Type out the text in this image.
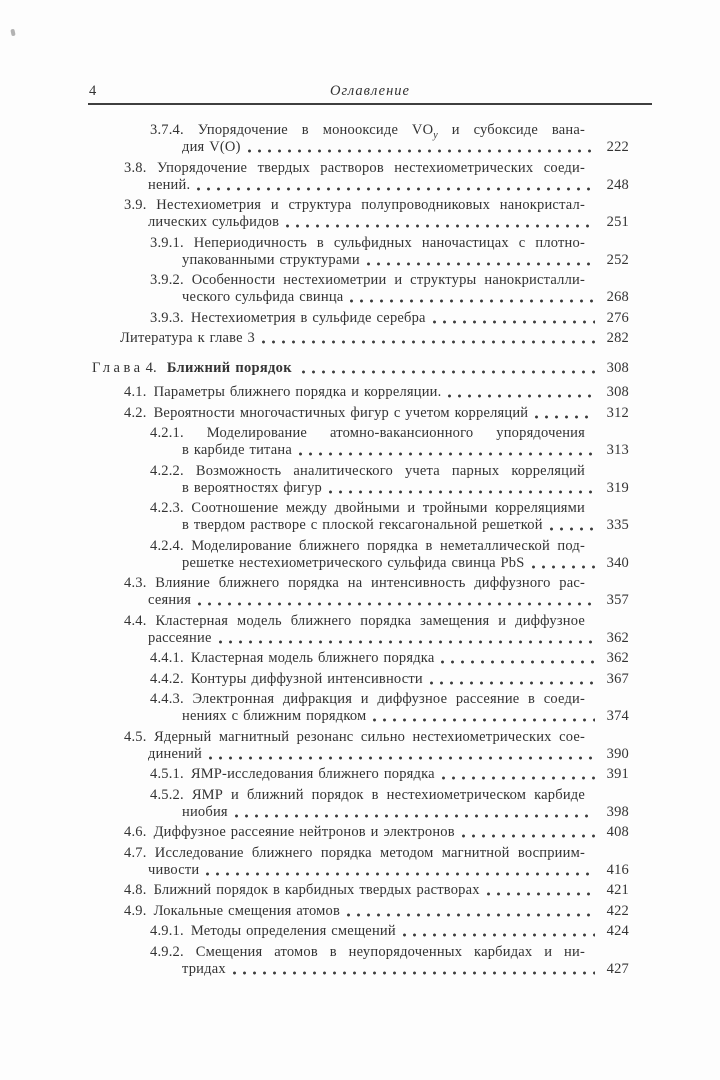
4	Оглавление
3.7.4. Упорядочение в монооксиде $VO_y$ и субоксиде вана-
дия V(O)	222
3.8. Упорядочение твердых растворов нестехиометрических соеди-
нений.	248
3.9. Нестехиометрия и структура полупроводниковых нанокристал-
лических сульфидов	251
3.9.1. Непериодичность в сульфидных наночастицах с плотно-
упакованными структурами	252
3.9.2. Особенности нестехиометрии и структуры нанокристалли-
ческого сульфида свинца	268
3.9.3. Нестехиометрия в сульфиде серебра	276
Литература к главе 3	282
Глава 4. Ближний порядок	308
4.1. Параметры ближнего порядка и корреляции.	308
4.2. Вероятности многочастичных фигур с учетом корреляций	312
4.2.1. Моделирование атомно-вакансионного упорядочения
в карбиде титана	313
4.2.2. Возможность аналитического учета парных корреляций
в вероятностях фигур	319
4.2.3. Соотношение между двойными и тройными корреляциями
в твердом растворе с плоской гексагональной решеткой	335
4.2.4. Моделирование ближнего порядка в неметаллической под-
решетке нестехиометрического сульфида свинца PbS	340
4.3. Влияние ближнего порядка на интенсивность диффузного рас-
сеяния	357
4.4. Кластерная модель ближнего порядка замещения и диффузное
рассеяние	362
4.4.1. Кластерная модель ближнего порядка	362
4.4.2. Контуры диффузной интенсивности	367
4.4.3. Электронная дифракция и диффузное рассеяние в соеди-
нениях с ближним порядком	374
4.5. Ядерный магнитный резонанс сильно нестехиометрических сое-
динений	390
4.5.1. ЯМР-исследования ближнего порядка	391
4.5.2. ЯМР и ближний порядок в нестехиометрическом карбиде
ниобия	398
4.6. Диффузное рассеяние нейтронов и электронов	408
4.7. Исследование ближнего порядка методом магнитной восприим-
чивости	416
4.8. Ближний порядок в карбидных твердых растворах	421
4.9. Локальные смещения атомов	422
4.9.1. Методы определения смещений	424
4.9.2. Смещения атомов в неупорядоченных карбидах и ни-
тридах	427
